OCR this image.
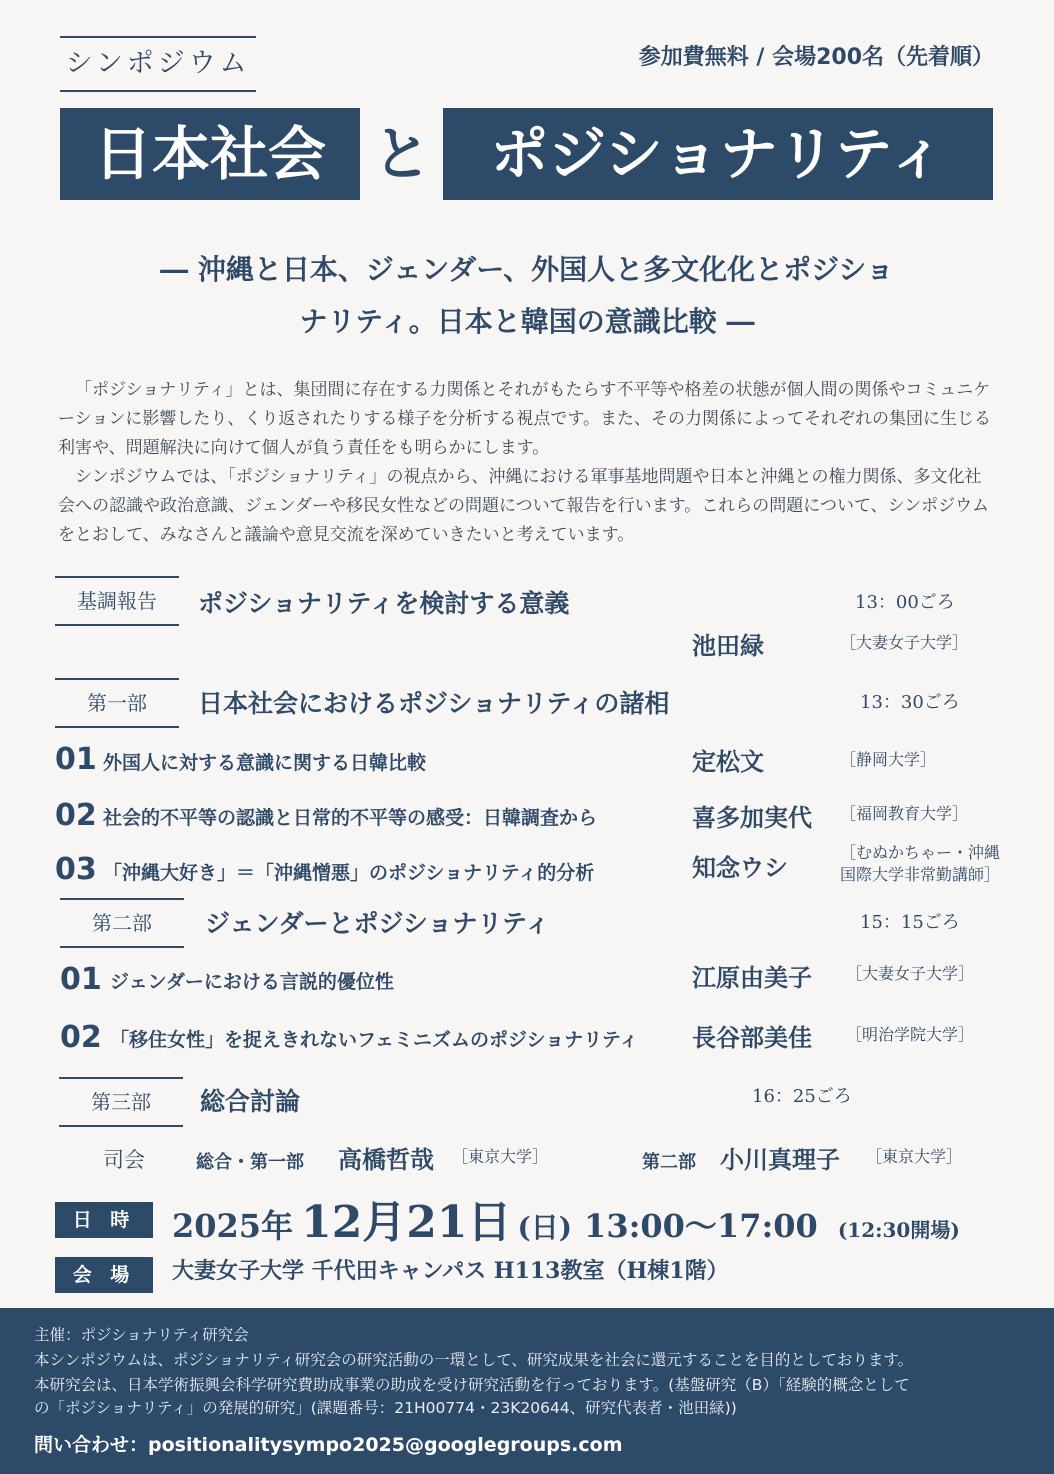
シンポジウム	参加費無料 / 会場200名（先着順）
日本社会 と	ポジショナリティ
― 沖縄と日本、ジェンダー、外国人と多文化化とポジショ
ナリティ。日本と韓国の意識比較 ―

「ポジショナリティ」とは、集団間に存在する力関係とそれがもたらす不平等や格差の状態が個人間の関係やコミュニケーションに影響したり、くり返されたりする様子を分析する視点です。また、その力関係によってそれぞれの集団に生じる利害や、問題解決に向けて個人が負う責任をも明らかにします。

シンポジウムでは、「ポジショナリティ」の視点から、沖縄における軍事基地問題や日本と沖縄との権力関係、多文化社会への認識や政治意識、ジェンダーや移民女性などの問題について報告を行います。これらの問題について、シンポジウムをとおして、みなさんと議論や意見交流を深めていきたいと考えています。

基調報告	ポジショナリティを検討する意義	13：00ごろ
池田緑	［大妻女子大学］
第一部	日本社会におけるポジショナリティの諸相	13：30ごろ
01 外国人に対する意識に関する日韓比較	定松文	［静岡大学］
02 社会的不平等の認識と日常的不平等の感受：日韓調査から	喜多加実代 ［福岡教育大学］
03 「沖縄大好き」＝「沖縄憎悪」のポジショナリティ的分析	知念ウシ
［むぬかちゃー・沖縄
国際大学非常勤講師］
第二部	ジェンダーとポジショナリティ	15：15ごろ
01 ジェンダーにおける言説的優位性	江原由美子 ［大妻女子大学］
02 「移住女性」を捉えきれないフェミニズムのポジショナリティ 長谷部美佳 ［明治学院大学］
第三部	総合討論	16：25ごろ
司会	総合・第一部 高橋哲哉 ［東京大学］	第二部 小川真理子 ［東京大学］
日 時	2025年 12月21日 (日) 13:00〜17:00 (12:30開場)
会 場	大妻女子大学 千代田キャンパス H113教室（H棟1階）
主催：ポジショナリティ研究会
本シンポジウムは、ポジショナリティ研究会の研究活動の一環として、研究成果を社会に還元することを目的としております。
本研究会は、日本学術振興会科学研究費助成事業の助成を受け研究活動を行っております。(基盤研究（B）「経験的概念として
の「ポジショナリティ」の発展的研究」(課題番号：21H00774・23K20644、研究代表者・池田緑))
問い合わせ：positionalitysympo2025@googlegroups.com
